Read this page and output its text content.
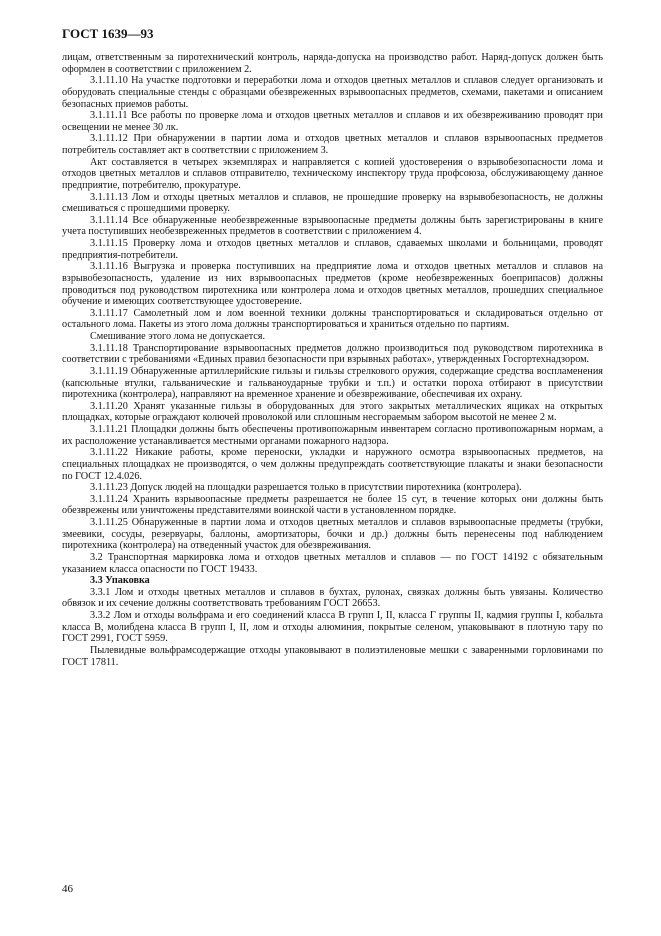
ГОСТ 1639—93

лицам, ответственным за пиротехнический контроль, наряда-допуска на производство работ. Наряд-допуск должен быть оформлен в соответствии с приложением 2.

3.1.11.10 На участке подготовки и переработки лома и отходов цветных металлов и сплавов следует организовать и оборудовать специальные стенды с образцами обезвреженных взрывоопасных предметов, схемами, пакетами и описанием безопасных приемов работы.

3.1.11.11 Все работы по проверке лома и отходов цветных металлов и сплавов и их обезвреживанию проводят при освещении не менее 30 лк.

3.1.11.12 При обнаружении в партии лома и отходов цветных металлов и сплавов взрывоопасных предметов потребитель составляет акт в соответствии с приложением 3.

Акт составляется в четырех экземплярах и направляется с копией удостоверения о взрывобезопасности лома и отходов цветных металлов и сплавов отправителю, техническому инспектору труда профсоюза, обслуживающему данное предприятие, потребителю, прокуратуре.

3.1.11.13 Лом и отходы цветных металлов и сплавов, не прошедшие проверку на взрывобезопасность, не должны смешиваться с прошедшими проверку.

3.1.11.14 Все обнаруженные необезвреженные взрывоопасные предметы должны быть зарегистрированы в книге учета поступивших необезвреженных предметов в соответствии с приложением 4.

3.1.11.15 Проверку лома и отходов цветных металлов и сплавов, сдаваемых школами и больницами, проводят предприятия-потребители.

3.1.11.16 Выгрузка и проверка поступивших на предприятие лома и отходов цветных металлов и сплавов на взрывобезопасность, удаление из них взрывоопасных предметов (кроме необезвреженных боеприпасов) должны проводиться под руководством пиротехника или контролера лома и отходов цветных металлов, прошедших специальное обучение и имеющих соответствующее удостоверение.

3.1.11.17 Самолетный лом и лом военной техники должны транспортироваться и складироваться отдельно от остального лома. Пакеты из этого лома должны транспортироваться и храниться отдельно по партиям.

Смешивание этого лома не допускается.

3.1.11.18 Транспортирование взрывоопасных предметов должно производиться под руководством пиротехника в соответствии с требованиями «Единых правил безопасности при взрывных работах», утвержденных Госгортехнадзором.

3.1.11.19 Обнаруженные артиллерийские гильзы и гильзы стрелкового оружия, содержащие средства воспламенения (капсюльные втулки, гальванические и гальваноударные трубки и т.п.) и остатки пороха отбирают в присутствии пиротехника (контролера), направляют на временное хранение и обезвреживание, обеспечивая их охрану.

3.1.11.20 Хранят указанные гильзы в оборудованных для этого закрытых металлических ящиках на открытых площадках, которые ограждают колючей проволокой или сплошным несгораемым забором высотой не менее 2 м.

3.1.11.21 Площадки должны быть обеспечены противопожарным инвентарем согласно противопожарным нормам, а их расположение устанавливается местными органами пожарного надзора.

3.1.11.22 Никакие работы, кроме переноски, укладки и наружного осмотра взрывоопасных предметов, на специальных площадках не производятся, о чем должны предупреждать соответствующие плакаты и знаки безопасности по ГОСТ 12.4.026.

3.1.11.23 Допуск людей на площадки разрешается только в присутствии пиротехника (контролера).

3.1.11.24 Хранить взрывоопасные предметы разрешается не более 15 сут, в течение которых они должны быть обезврежены или уничтожены представителями воинской части в установленном порядке.

3.1.11.25 Обнаруженные в партии лома и отходов цветных металлов и сплавов взрывоопасные предметы (трубки, змеевики, сосуды, резервуары, баллоны, амортизаторы, бочки и др.) должны быть перенесены под наблюдением пиротехника (контролера) на отведенный участок для обезвреживания.

3.2 Транспортная маркировка лома и отходов цветных металлов и сплавов — по ГОСТ 14192 с обязательным указанием класса опасности по ГОСТ 19433.

3.3 Упаковка

3.3.1 Лом и отходы цветных металлов и сплавов в бухтах, рулонах, связках должны быть увязаны. Количество обвязок и их сечение должны соответствовать требованиям ГОСТ 26653.

3.3.2 Лом и отходы вольфрама и его соединений класса В групп I, II, класса Г группы II, кадмия группы I, кобальта класса В, молибдена класса В групп I, II, лом и отходы алюминия, покрытые селеном, упаковывают в плотную тару по ГОСТ 2991, ГОСТ 5959.

Пылевидные вольфрамсодержащие отходы упаковывают в полиэтиленовые мешки с заваренными горловинами по ГОСТ 17811.

46
